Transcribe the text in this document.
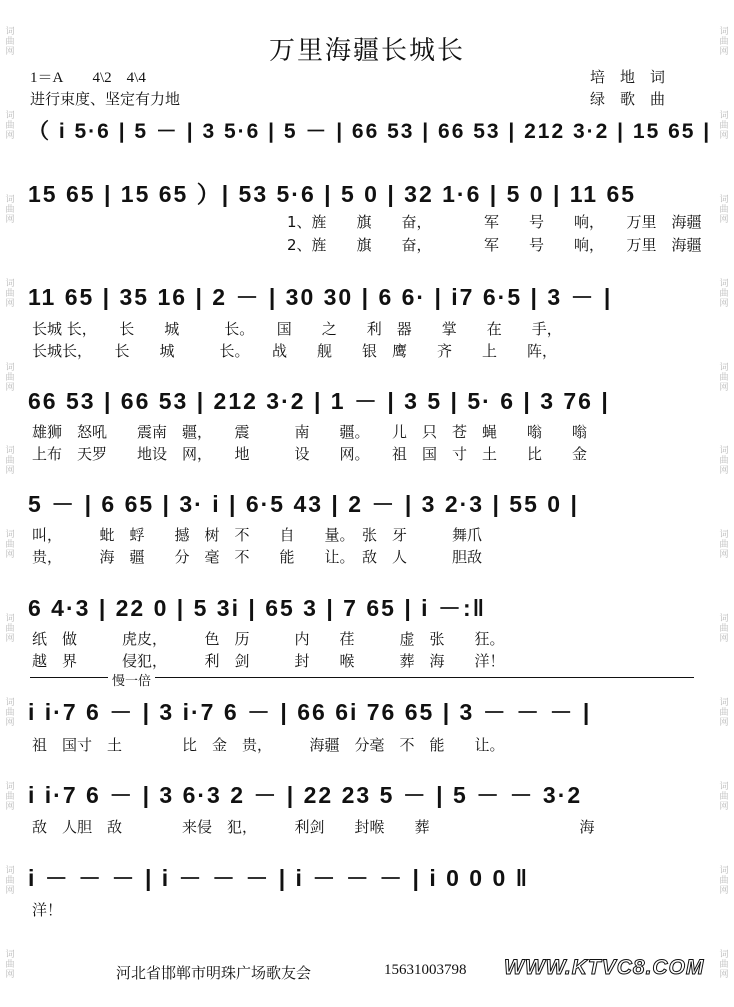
词曲网
词曲网
词曲网
词曲网
词曲网
词曲网
词曲网
词曲网
词曲网
词曲网
词曲网
词曲网
词曲网
词曲网
词曲网
词曲网
词曲网
词曲网
词曲网
词曲网
词曲网
词曲网
词曲网
词曲网
万里海疆长城长
1＝A　　4\2　4\4
进行束度、坚定有力地
培　地　词
绿　歌　曲
（ i 5·6 | 5 － | 3 5·6 | 5 － | 66 53 | 66 53 | 212 3·2 | 15 65 |
15 65 | 15 65 ）| 53 5·6 | 5 0 | 32 1·6 | 5 0 | 11 65
　　　　　　　　　　　　　　　　　1、旌　　旗　　奋，　　　　军　　号　　响，　　万里　海疆
　　　　　　　　　　　　　　　　　2、旌　　旗　　奋，　　　　军　　号　　响，　　万里　海疆
11 65 | 35 16 | 2 － | 30 30 | 6 6· | i7 6·5 | 3 － |
长城 长，　　长　　城　　　长。　　国　　之　　利　器　　掌　　在　　手，
长城长，　　长　　城　　　长。　　战　　舰　　银　鹰　　齐　　上　　阵，
66 53 | 66 53 | 212 3·2 | 1 － | 3 5 | 5· 6 | 3 76 |
雄狮　怒吼　　震南　疆，　　震　　　南　　疆。　　儿　只　苍　蝇　　嗡　　嗡
上布　天罗　　地设　网，　　地　　　设　　网。　　祖　国　寸　土　　比　　金
5 － | 6 65 | 3· i | 6·5 43 | 2 － | 3 2·3 | 55 0 |
叫，　　　蚍　蜉　　撼　树　不　　自　　量。　张　牙　　　舞爪
贵，　　　海　疆　　分　毫　不　　能　　让。　敌　人　　　胆敌
6 4·3 | 22 0 | 5 3i | 65 3 | 7 65 | i －:‖
纸　做　　　虎皮，　　　色　历　　　内　　荏　　　虚　张　　狂。
越　界　　　侵犯，　　　利　剑　　　封　　喉　　　葬　海　　洋！
慢一倍
i i·7 6 － | 3 i·7 6 － | 66 6i 76 65 | 3 － － － |
祖　国寸　土　　　　比　金　贵，　　　海疆　分毫　不　能　　让。
i i·7 6 － | 3 6·3 2 － | 22 23 5 － | 5 － － 3·2
敌　人胆　敌　　　　来侵　犯，　　　利剑　　封喉　　葬　　　　　　　　　　海
i － － － | i － － － | i － － － | i 0 0 0 ‖
洋！
河北省邯郸市明珠广场歌友会	15631003798 WWW.KTVC8.COM
